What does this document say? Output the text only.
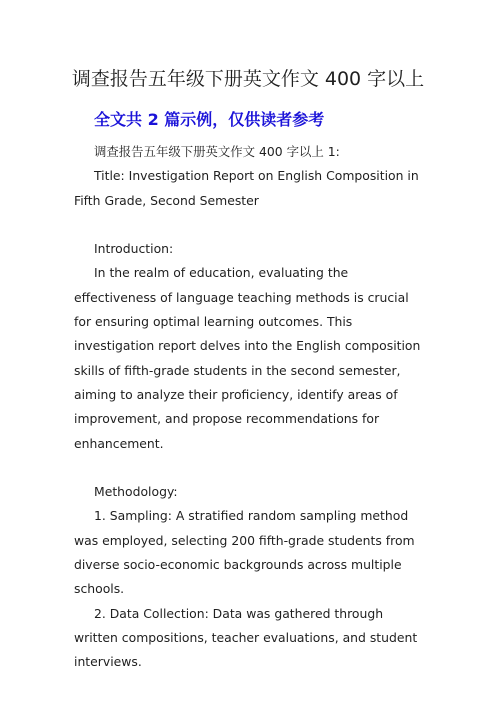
调查报告五年级下册英文作文 400 字以上
全文共 2 篇示例，仅供读者参考

调查报告五年级下册英文作文 400 字以上 1:

Title: Investigation Report on English Composition in Fifth Grade, Second Semester

Introduction:

In the realm of education, evaluating the effectiveness of language teaching methods is crucial for ensuring optimal learning outcomes. This investigation report delves into the English composition skills of fifth-grade students in the second semester, aiming to analyze their proficiency, identify areas of improvement, and propose recommendations for enhancement.

Methodology:

1. Sampling: A stratified random sampling method was employed, selecting 200 fifth-grade students from diverse socio-economic backgrounds across multiple schools.

2. Data Collection: Data was gathered through written compositions, teacher evaluations, and student interviews.
